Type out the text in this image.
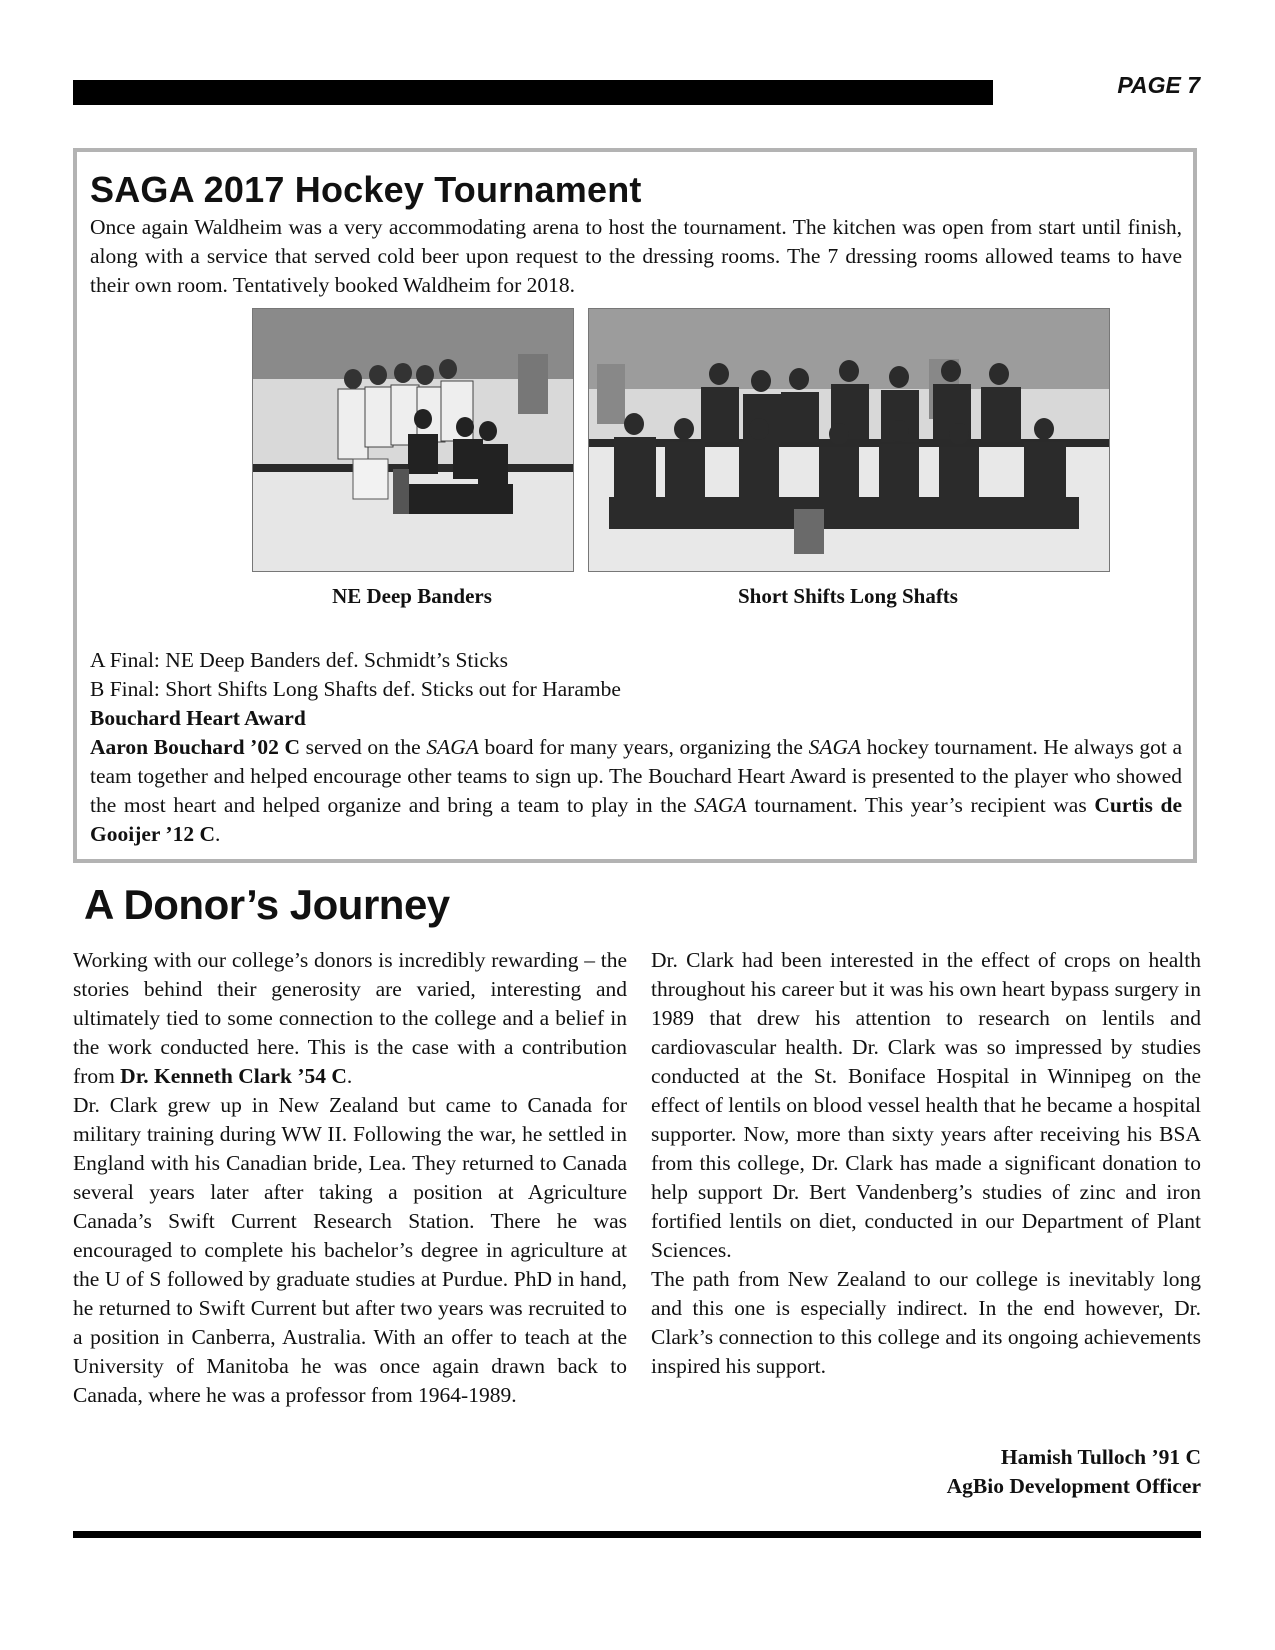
PAGE 7
SAGA 2017 Hockey Tournament

Once again Waldheim was a very accommodating arena to host the tournament. The kitchen was open from start until finish, along with a service that served cold beer upon request to the dressing rooms. The 7 dressing rooms allowed teams to have their own room. Tentatively booked Waldheim for 2018.

NE Deep Banders	Short Shifts Long Shafts

A Final: NE Deep Banders def. Schmidt’s Sticks

B Final: Short Shifts Long Shafts def. Sticks out for Harambe

Bouchard Heart Award

Aaron Bouchard ’02 C served on the SAGA board for many years, organizing the SAGA hockey tournament. He always got a team together and helped encourage other teams to sign up. The Bouchard Heart Award is presented to the player who showed the most heart and helped organize and bring a team to play in the SAGA tournament. This year’s recipient was Curtis de Gooijer ’12 C.

A Donor’s Journey

Working with our college’s donors is incredibly rewarding – the stories behind their generosity are varied, interesting and ultimately tied to some connection to the college and a belief in the work conducted here. This is the case with a contribution from Dr. Kenneth Clark ’54 C.

Dr. Clark grew up in New Zealand but came to Canada for military training during WW II. Following the war, he settled in England with his Canadian bride, Lea. They returned to Canada several years later after taking a position at Agriculture Canada’s Swift Current Research Station. There he was encouraged to complete his bachelor’s degree in agriculture at the U of S followed by graduate studies at Purdue. PhD in hand, he returned to Swift Current but after two years was recruited to a position in Canberra, Australia. With an offer to teach at the University of Manitoba he was once again drawn back to Canada, where he was a professor from 1964-1989.

Dr. Clark had been interested in the effect of crops on health throughout his career but it was his own heart bypass surgery in 1989 that drew his attention to research on lentils and cardiovascular health. Dr. Clark was so impressed by studies conducted at the St. Boniface Hospital in Winnipeg on the effect of lentils on blood vessel health that he became a hospital supporter. Now, more than sixty years after receiving his BSA from this college, Dr. Clark has made a significant donation to help support Dr. Bert Vandenberg’s studies of zinc and iron fortified lentils on diet, conducted in our Department of Plant Sciences.

The path from New Zealand to our college is inevitably long and this one is especially indirect. In the end however, Dr. Clark’s connection to this college and its ongoing achievements inspired his support.

Hamish Tulloch ’91 C
AgBio Development Officer
